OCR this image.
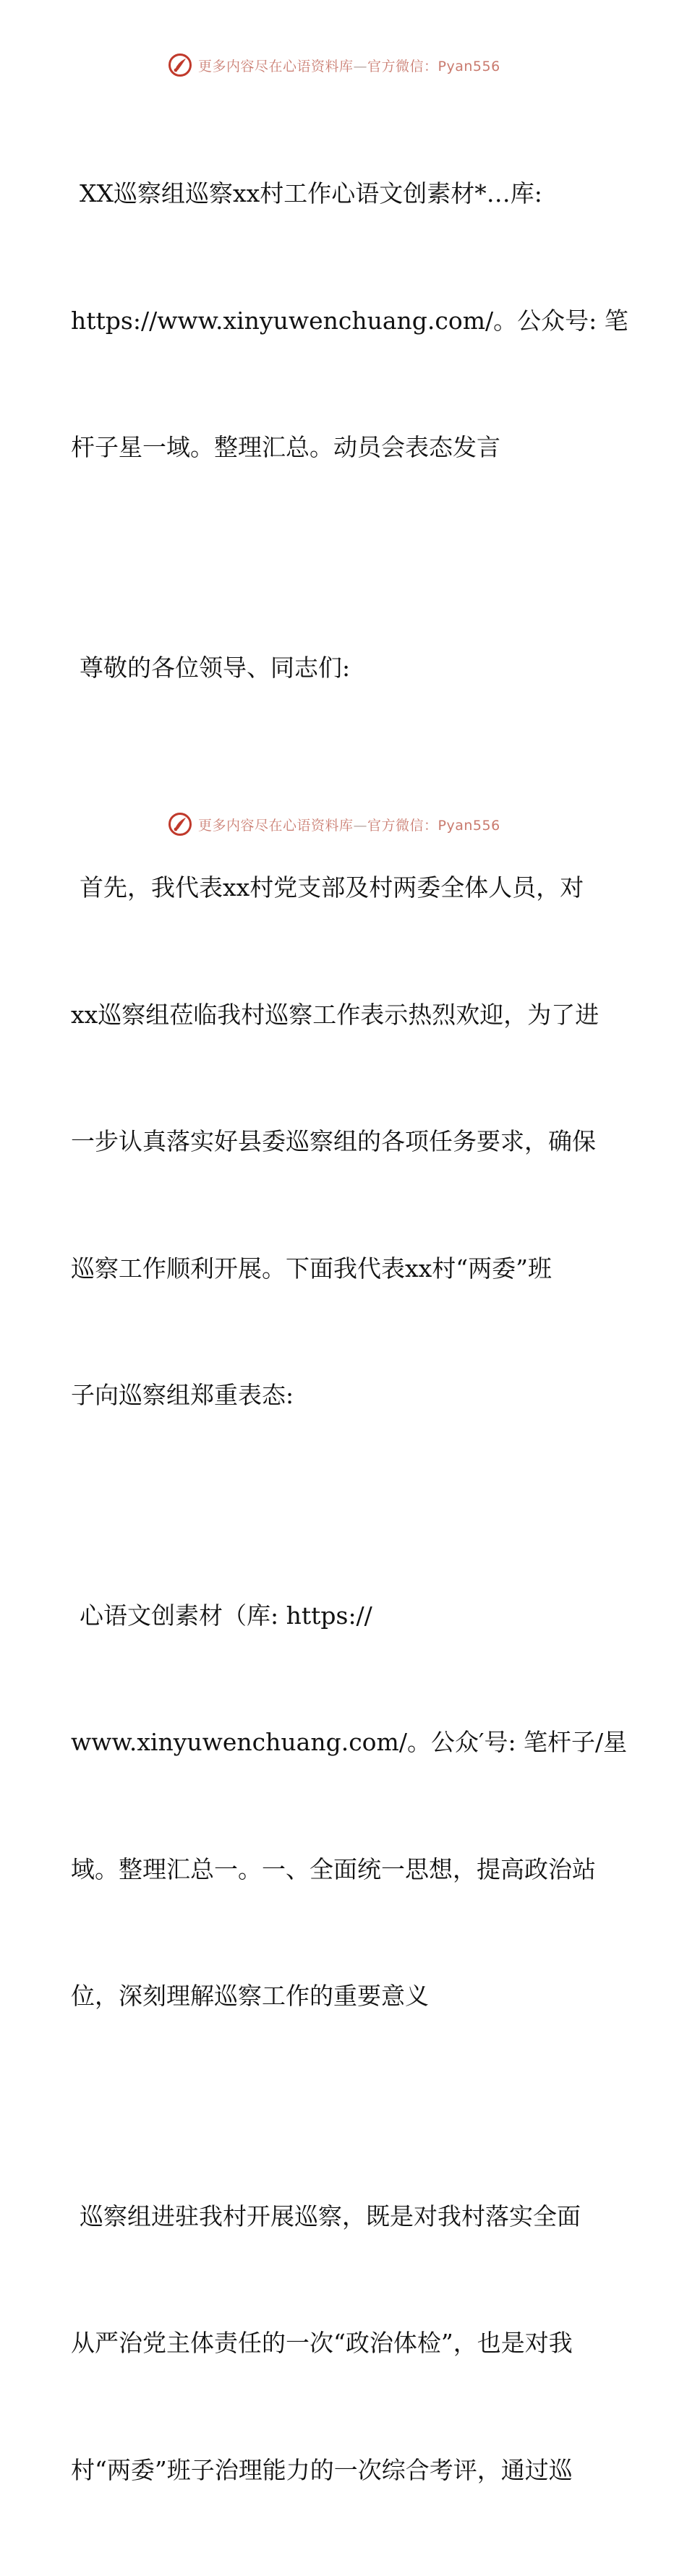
更多内容尽在心语资料库—官方微信：Pyan556

XX巡察组巡察xx村工作心语文创素材*…库:

https://www.xinyuwenchuang.com/。公众号: 笔

杆子星一域。整理汇总。动员会表态发言

尊敬的各位领导、同志们:

首先，我代表xx村党支部及村两委全体人员，对

xx巡察组莅临我村巡察工作表示热烈欢迎，为了进

一步认真落实好县委巡察组的各项任务要求，确保

巡察工作顺利开展。下面我代表xx村“两委”班

子向巡察组郑重表态:

心语文创素材（库: https://

www.xinyuwenchuang.com/。公众′号: 笔杆子/星

域。整理汇总一。一、全面统一思想，提高政治站

位，深刻理解巡察工作的重要意义

巡察组进驻我村开展巡察，既是对我村落实全面

从严治党主体责任的一次“政治体检”，也是对我

村“两委”班子治理能力的一次综合考评，通过巡

更多内容尽在心语资料库—官方微信：Pyan556
